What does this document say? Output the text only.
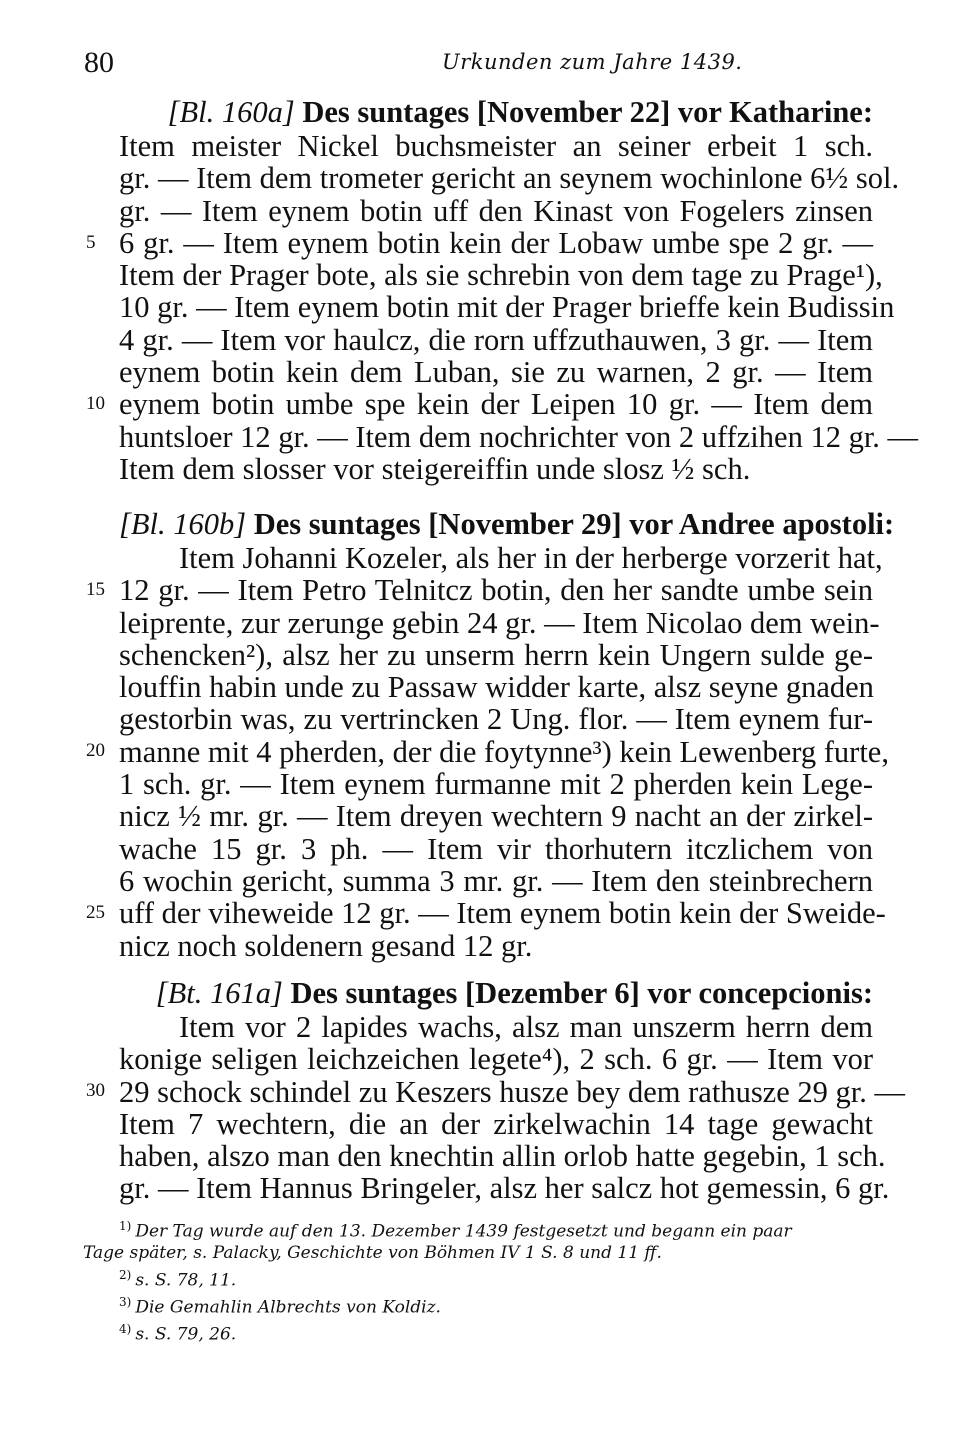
80	Urkunden zum Jahre 1439.
[Bl. 160a] Des suntages [November 22] vor Katharine:
Item meister Nickel buchsmeister an seiner erbeit 1 sch.
gr. — Item dem trometer gericht an seynem wochinlone 6½ sol.
gr. — Item eynem botin uff den Kinast von Fogelers zinsen
6 gr. — Item eynem botin kein der Lobaw umbe spe 2 gr. —
Item der Prager bote, als sie schrebin von dem tage zu Prage¹),
10 gr. — Item eynem botin mit der Prager brieffe kein Budissin
4 gr. — Item vor haulcz, die rorn uffzuthauwen, 3 gr. — Item
eynem botin kein dem Luban, sie zu warnen, 2 gr. — Item
eynem botin umbe spe kein der Leipen 10 gr. — Item dem
huntsloer 12 gr. — Item dem nochrichter von 2 uffzihen 12 gr. —
Item dem slosser vor steigereiffin unde slosz ½ sch.
[Bl. 160b] Des suntages [November 29] vor Andree apostoli:
Item Johanni Kozeler, als her in der herberge vorzerit hat,
12 gr. — Item Petro Telnitcz botin, den her sandte umbe sein
leiprente, zur zerunge gebin 24 gr. — Item Nicolao dem wein-
schencken²), alsz her zu unserm herrn kein Ungern sulde ge-
louffin habin unde zu Passaw widder karte, alsz seyne gnaden
gestorbin was, zu vertrincken 2 Ung. flor. — Item eynem fur-
manne mit 4 pherden, der die foytynne³) kein Lewenberg furte,
1 sch. gr. — Item eynem furmanne mit 2 pherden kein Lege-
nicz ½ mr. gr. — Item dreyen wechtern 9 nacht an der zirkel-
wache 15 gr. 3 ph. — Item vir thorhutern itczlichem von
6 wochin gericht, summa 3 mr. gr. — Item den steinbrechern
uff der viheweide 12 gr. — Item eynem botin kein der Sweide-
nicz noch soldenern gesand 12 gr.
[Bt. 161a] Des suntages [Dezember 6] vor concepcionis:
Item vor 2 lapides wachs, alsz man unszerm herrn dem
konige seligen leichzeichen legete⁴), 2 sch. 6 gr. — Item vor
29 schock schindel zu Keszers husze bey dem rathusze 29 gr. —
Item 7 wechtern, die an der zirkelwachin 14 tage gewacht
haben, alszo man den knechtin allin orlob hatte gegebin, 1 sch.
gr. — Item Hannus Bringeler, alsz her salcz hot gemessin, 6 gr.
5
10
15
20
25
30
$^{1)}$ Der Tag wurde auf den 13. Dezember 1439 festgesetzt und begann ein paar
Tage später, s. Palacky, Geschichte von Böhmen IV 1 S. 8 und 11 ff.
$^{2)}$ s. S. 78, 11.
$^{3)}$ Die Gemahlin Albrechts von Koldiz.
$^{4)}$ s. S. 79, 26.
